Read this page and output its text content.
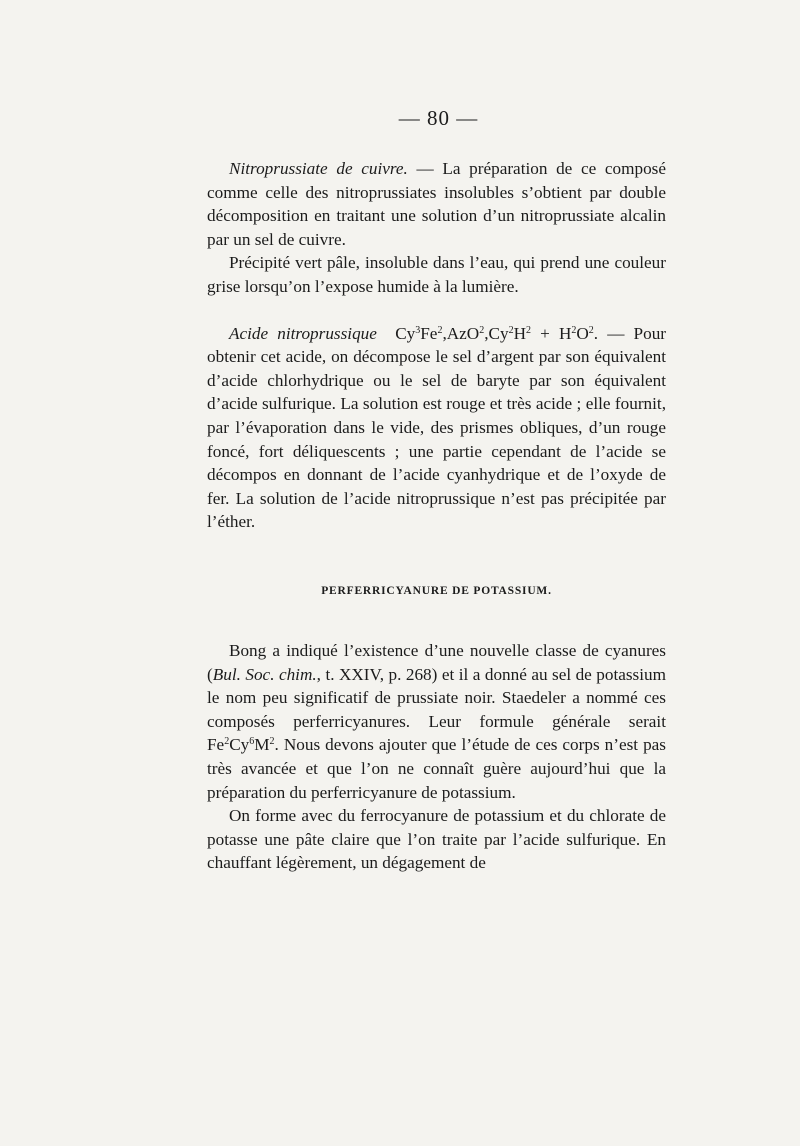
— 80 —

Nitroprussiate de cuivre. — La préparation de ce composé comme celle des nitroprussiates insolubles s’obtient par double décomposition en traitant une solution d’un nitroprussiate alcalin par un sel de cuivre.

Précipité vert pâle, insoluble dans l’eau, qui prend une couleur grise lorsqu’on l’expose humide à la lumière.

Acide nitroprussique $Cy^3Fe^2,AzO^2,Cy^2H^2 + H^2O^2$. — Pour obtenir cet acide, on décompose le sel d’argent par son équivalent d’acide chlorhydrique ou le sel de baryte par son équivalent d’acide sulfurique. La solution est rouge et très acide ; elle fournit, par l’évaporation dans le vide, des prismes obliques, d’un rouge foncé, fort déliquescents ; une partie cependant de l’acide se décompos en donnant de l’acide cyanhydrique et de l’oxyde de fer. La solution de l’acide nitroprussique n’est pas précipitée par l’éther.

PERFERRICYANURE DE POTASSIUM.

Bong a indiqué l’existence d’une nouvelle classe de cyanures (Bul. Soc. chim., t. XXIV, p. 268) et il a donné au sel de potassium le nom peu significatif de prussiate noir. Staedeler a nommé ces composés perferricyanures. Leur formule générale serait $Fe^2Cy^6M^2$. Nous devons ajouter que l’étude de ces corps n’est pas très avancée et que l’on ne connaît guère aujourd’hui que la préparation du perferricyanure de potassium.

On forme avec du ferrocyanure de potassium et du chlorate de potasse une pâte claire que l’on traite par l’acide sulfurique. En chauffant légèrement, un dégagement de
